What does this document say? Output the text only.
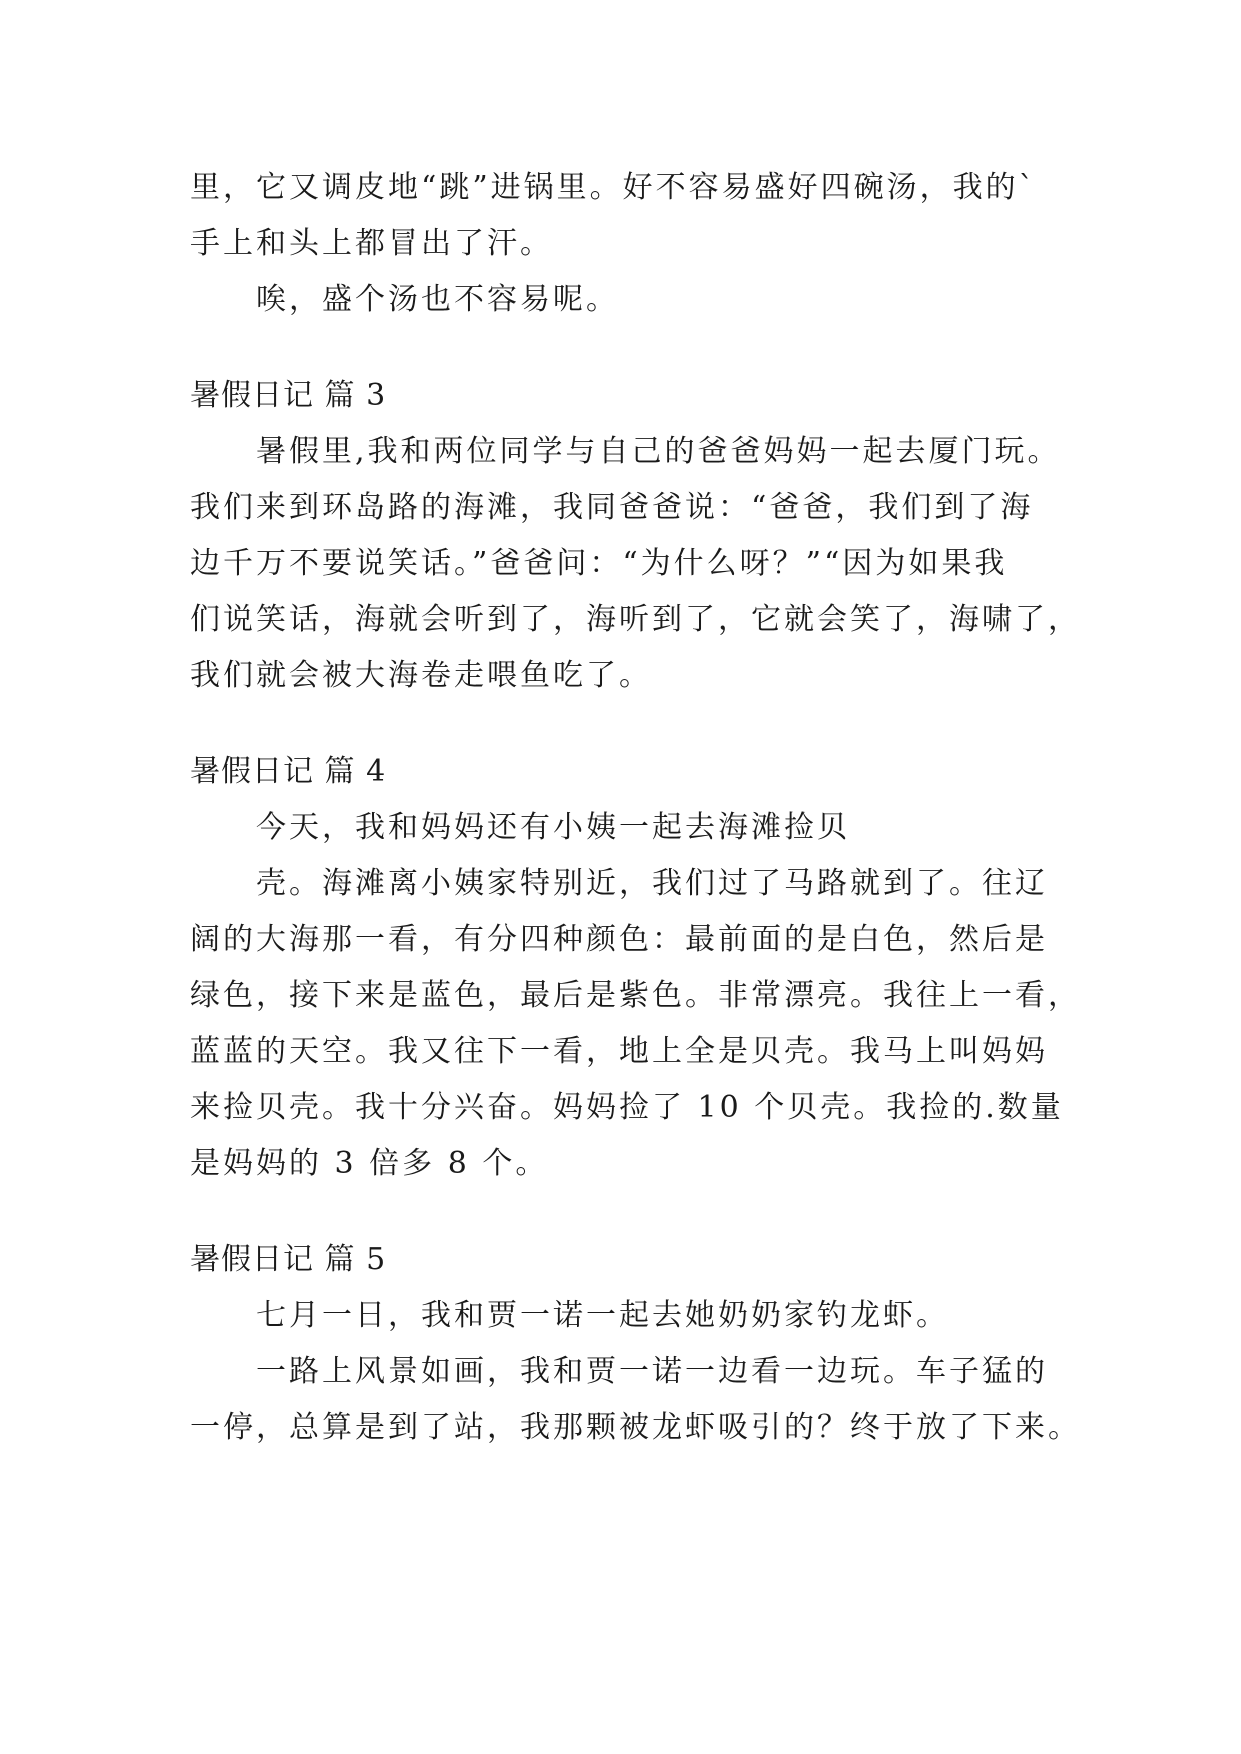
里，它又调皮地“跳”进锅里。好不容易盛好四碗汤，我的`
手上和头上都冒出了汗。
唉，盛个汤也不容易呢。
暑假日记 篇 3
暑假里,我和两位同学与自己的爸爸妈妈一起去厦门玩。
我们来到环岛路的海滩，我同爸爸说：“爸爸，我们到了海
边千万不要说笑话。”爸爸问：“为什么呀？”“因为如果我
们说笑话，海就会听到了，海听到了，它就会笑了，海啸了，
我们就会被大海卷走喂鱼吃了。
暑假日记 篇 4
今天，我和妈妈还有小姨一起去海滩捡贝
壳。海滩离小姨家特别近，我们过了马路就到了。往辽
阔的大海那一看，有分四种颜色：最前面的是白色，然后是
绿色，接下来是蓝色，最后是紫色。非常漂亮。我往上一看，
蓝蓝的天空。我又往下一看，地上全是贝壳。我马上叫妈妈
来捡贝壳。我十分兴奋。妈妈捡了 10 个贝壳。我捡的.数量
是妈妈的 3 倍多 8 个。
暑假日记 篇 5
七月一日，我和贾一诺一起去她奶奶家钓龙虾。
一路上风景如画，我和贾一诺一边看一边玩。车子猛的
一停，总算是到了站，我那颗被龙虾吸引的？终于放了下来。
